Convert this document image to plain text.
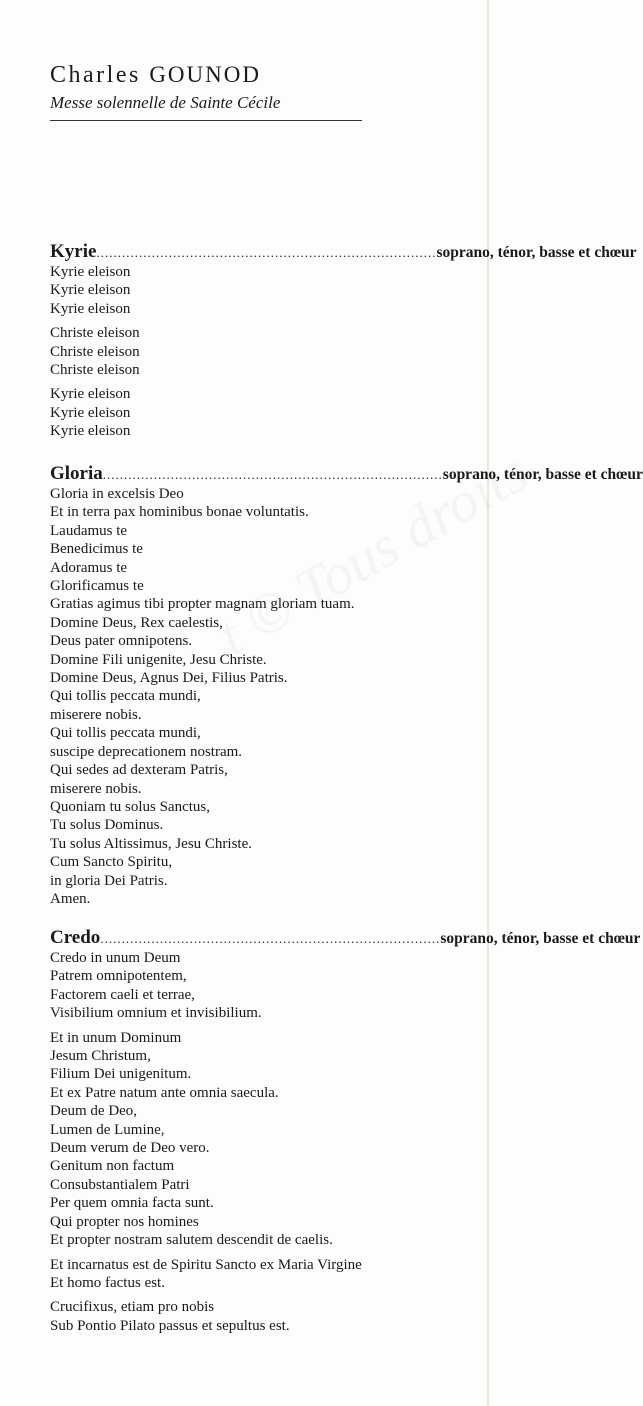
Charles GOUNOD
Messe solennelle de Sainte Cécile
Kyrie ................................................................................ soprano, ténor, basse et chœur
Kyrie eleison
Kyrie eleison
Kyrie eleison
Christe eleison
Christe eleison
Christe eleison
Kyrie eleison
Kyrie eleison
Kyrie eleison
Gloria ................................................................................ soprano, ténor, basse et chœur
Gloria in excelsis Deo
Et in terra pax hominibus bonae voluntatis.
Laudamus te
Benedicimus te
Adoramus te
Glorificamus te
Gratias agimus tibi propter magnam gloriam tuam.
Domine Deus, Rex caelestis,
Deus pater omnipotens.
Domine Fili unigenite, Jesu Christe.
Domine Deus, Agnus Dei, Filius Patris.
Qui tollis peccata mundi,
miserere nobis.
Qui tollis peccata mundi,
suscipe deprecationem nostram.
Qui sedes ad dexteram Patris,
miserere nobis.
Quoniam tu solus Sanctus,
Tu solus Dominus.
Tu solus Altissimus, Jesu Christe.
Cum Sancto Spiritu,
in gloria Dei Patris.
Amen.
Credo ................................................................................ soprano, ténor, basse et chœur
Credo in unum Deum
Patrem omnipotentem,
Factorem caeli et terrae,
Visibilium omnium et invisibilium.
Et in unum Dominum
Jesum Christum,
Filium Dei unigenitum.
Et ex Patre natum ante omnia saecula.
Deum de Deo,
Lumen de Lumine,
Deum verum de Deo vero.
Genitum non factum
Consubstantialem Patri
Per quem omnia facta sunt.
Qui propter nos homines
Et propter nostram salutem descendit de caelis.
Et incarnatus est de Spiritu Sancto ex Maria Virgine
Et homo factus est.
Crucifixus, etiam pro nobis
Sub Pontio Pilato passus et sepultus est.
